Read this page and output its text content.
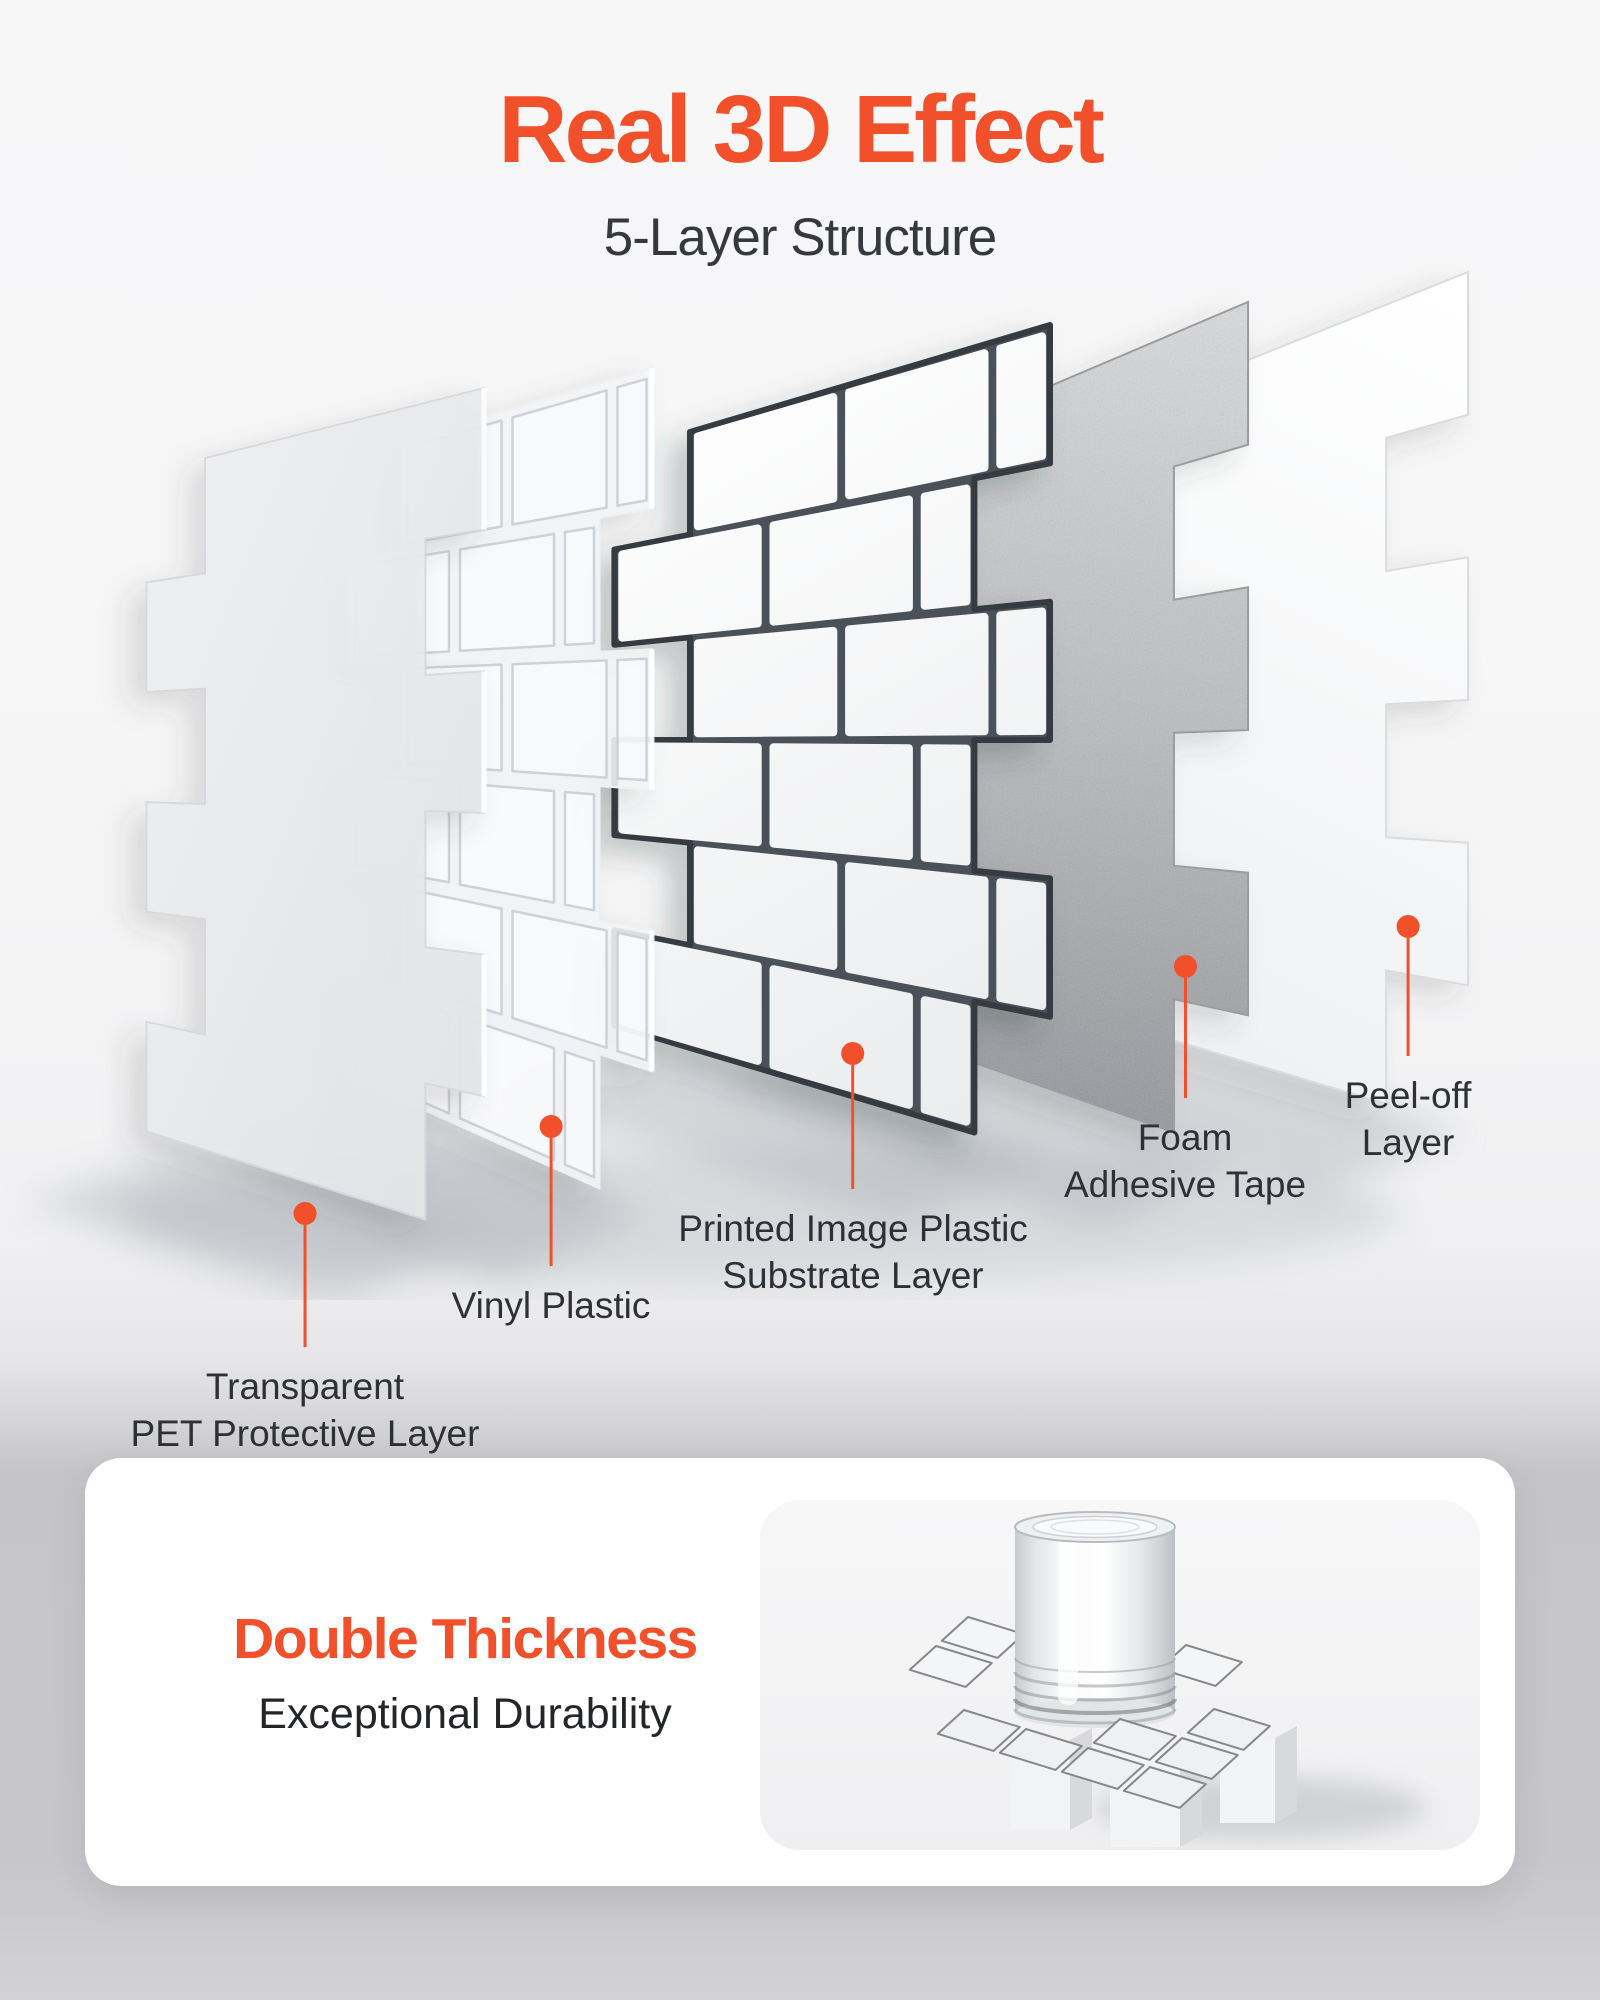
Real 3D Effect
5-Layer Structure
Transparent
PET Protective Layer
Vinyl Plastic
Printed Image Plastic
Substrate Layer
Foam
Adhesive Tape
Peel-off
Layer
Double Thickness
Exceptional Durability
